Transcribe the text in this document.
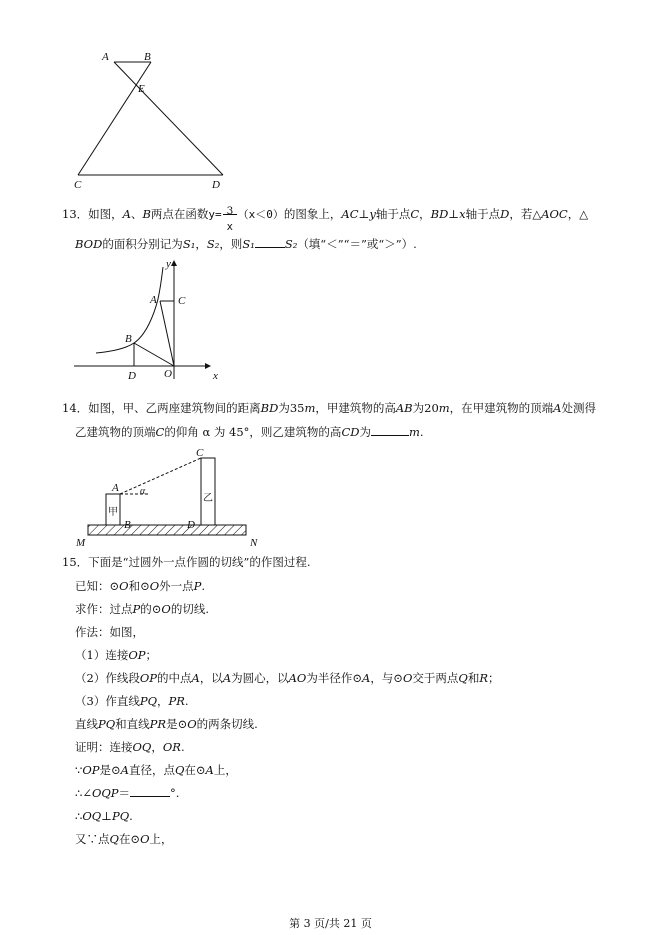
A	B
E
C	D
13．如图，A、B两点在函数y= 3
x
（x＜0）的图象上，AC⊥y轴于点C，BD⊥x轴于点D，若△AOC，△
BOD的面积分别记为S₁，S₂，则S₁	S₂（填“＜”“＝”或“＞”）.
y
A C
B
D	O	x
14．如图，甲、乙两座建筑物间的距离BD为35m，甲建筑物的高AB为20m，在甲建筑物的顶端A处测得
乙建筑物的顶端C的仰角 α 为 45°，则乙建筑物的高CD为	m.
C
A α
甲
乙
B	D
M	N
15．下面是“过圆外一点作圆的切线”的作图过程.
已知：⊙O和⊙O外一点P.
求作：过点P的⊙O的切线.
作法：如图，
（1）连接OP；
（2）作线段OP的中点A，以A为圆心，以AO为半径作⊙A，与⊙O交于两点Q和R；
（3）作直线PQ，PR.
直线PQ和直线PR是⊙O的两条切线.
证明：连接OQ，OR.
∵OP是⊙A直径，点Q在⊙A上，
∴∠OQP＝	°.
∴OQ⊥PQ.
又∵点Q在⊙O上，
第 3 页/共 21 页
